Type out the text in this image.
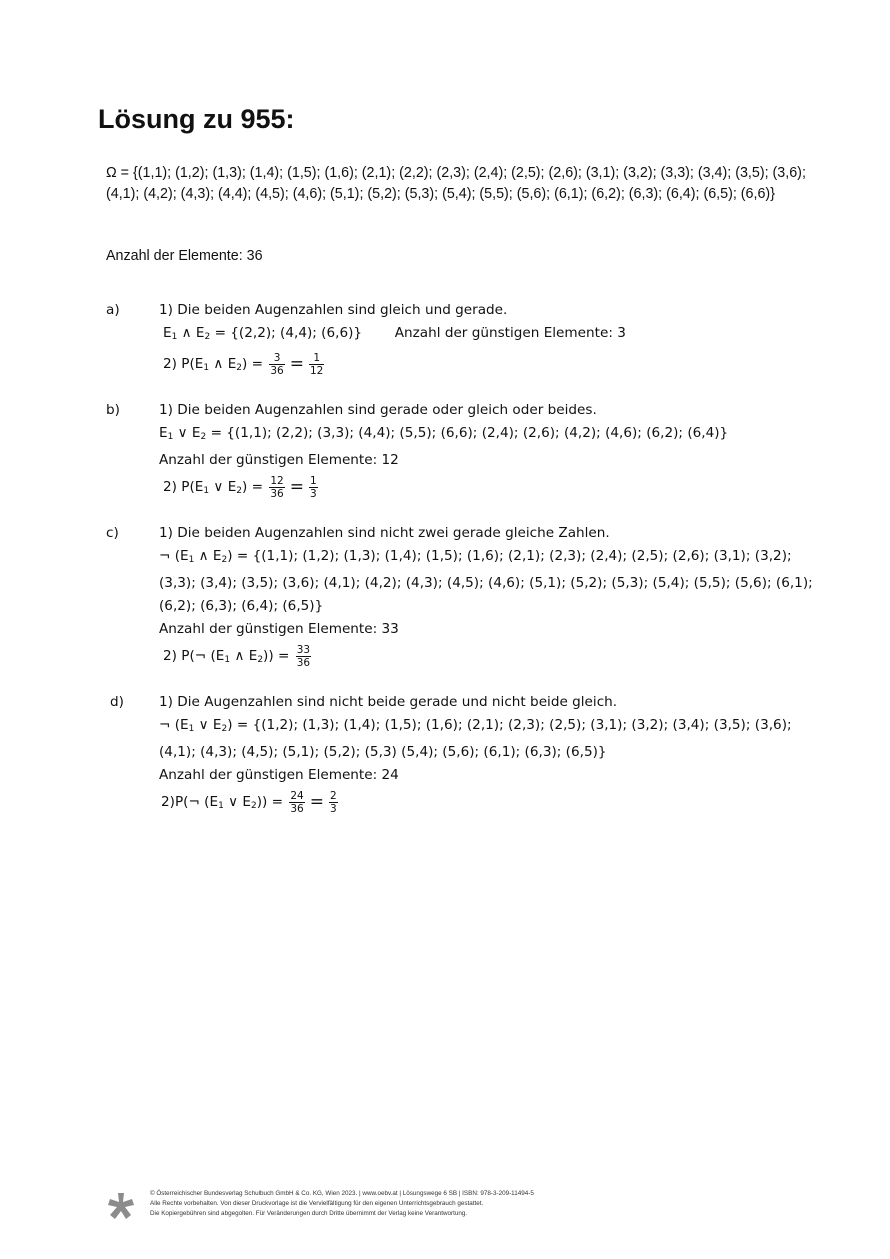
Lösung zu 955:
Ω = {(1,1); (1,2); (1,3); (1,4); (1,5); (1,6); (2,1); (2,2); (2,3); (2,4); (2,5); (2,6); (3,1); (3,2); (3,3); (3,4); (3,5); (3,6); (4,1); (4,2); (4,3); (4,4); (4,5); (4,6); (5,1); (5,2); (5,3); (5,4); (5,5); (5,6); (6,1); (6,2); (6,3); (6,4); (6,5); (6,6)}
Anzahl der Elemente: 36
a)	1) Die beiden Augenzahlen sind gleich und gerade.
$E_1$ ∧ $E_2 = \{(2,2)$; (4,4); (6,6)} Anzahl der günstigen Elemente: 3
2) $P(E_1$ ∧ $E_2) = \frac{3}{36} = \frac{1}{12}$
b)	1) Die beiden Augenzahlen sind gerade oder gleich oder beides.
$E_1$ ∨ $E_2 = \{(1,1)$; (2,2); (3,3); (4,4); (5,5); (6,6); (2,4); (2,6); (4,2); (4,6); (6,2); (6,4)}
Anzahl der günstigen Elemente: 12
2) $P(E_1$ ∨ $E_2) = \frac{12}{36} = \frac{1}{3}$
c)	1) Die beiden Augenzahlen sind nicht zwei gerade gleiche Zahlen.
¬ ($E_1$ ∧ $E_2) = \{(1,1)$; (1,2); (1,3); (1,4); (1,5); (1,6); (2,1); (2,3); (2,4); (2,5); (2,6); (3,1); (3,2); (3,3); (3,4); (3,5); (3,6); (4,1); (4,2); (4,3); (4,5); (4,6); (5,1); (5,2); (5,3); (5,4); (5,5); (5,6); (6,1); (6,2); (6,3); (6,4); (6,5)}
Anzahl der günstigen Elemente: 33
2) P(¬ ($E_1$ ∧ $E_2)) = \frac{33}{36}$
d)	1) Die Augenzahlen sind nicht beide gerade und nicht beide gleich.
¬ ($E_1$ ∨ $E_2) = \{(1,2)$; (1,3); (1,4); (1,5); (1,6); (2,1); (2,3); (2,5); (3,1); (3,2); (3,4); (3,5); (3,6); (4,1); (4,3); (4,5); (5,1); (5,2); (5,3) (5,4); (5,6); (6,1); (6,3); (6,5)}
Anzahl der günstigen Elemente: 24
2)P(¬ ($E_1$ ∨ $E_2)) = \frac{24}{36} = \frac{2}{3}$
© Österreichischer Bundesverlag Schulbuch GmbH & Co. KG, Wien 2023. | www.oebv.at | Lösungswege 6 SB | ISBN: 978-3-209-11494-5
Alle Rechte vorbehalten. Von dieser Druckvorlage ist die Vervielfältigung für den eigenen Unterrichtsgebrauch gestattet.
Die Kopiergebühren sind abgegolten. Für Veränderungen durch Dritte übernimmt der Verlag keine Verantwortung.
